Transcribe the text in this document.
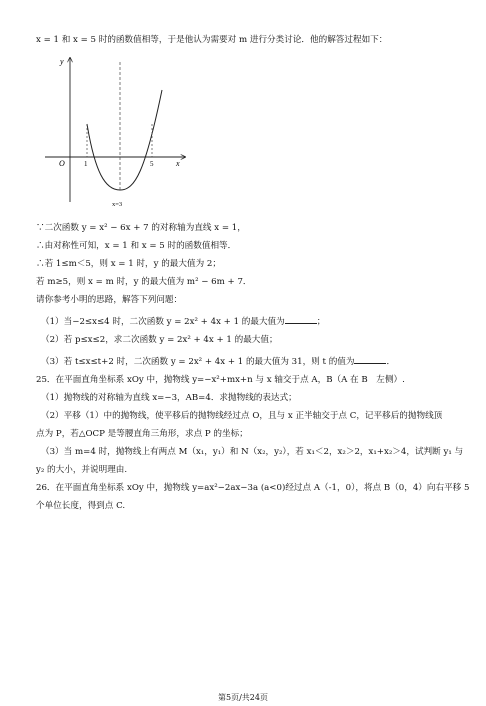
x = 1 和 x = 5 时的函数值相等，于是他认为需要对 m 进行分类讨论．他的解答过程如下：
y
x
O	1	5
x=3
∵二次函数 y = x² − 6x + 7 的对称轴为直线 x = 1，
∴由对称性可知，x = 1 和 x = 5 时的函数值相等．
∴若 1≤m＜5，则 x = 1 时，y 的最大值为 2；
若 m≥5，则 x = m 时，y 的最大值为 m² − 6m + 7．
请你参考小明的思路，解答下列问题：
（1）当−2≤x≤4 时，二次函数 y = 2x² + 4x + 1 的最大值为	；
（2）若 p≤x≤2，求二次函数 y = 2x² + 4x + 1 的最大值；
（3）若 t≤x≤t+2 时，二次函数 y = 2x² + 4x + 1 的最大值为 31，则 t 的值为	．
25．在平面直角坐标系 xOy 中，抛物线 y=−x²+mx+n 与 x 轴交于点 A，B（A 在 B　左侧）.
（1）抛物线的对称轴为直线 x=−3，AB=4．求抛物线的表达式；
（2）平移（1）中的抛物线，使平移后的抛物线经过点 O，且与 x 正半轴交于点 C，记平移后的抛物线顶
点为 P，若△OCP 是等腰直角三角形，求点 P 的坐标；
（3）当 m=4 时，抛物线上有两点 M（x₁，y₁）和 N（x₂，y₂），若 x₁＜2，x₂＞2，x₁+x₂＞4，试判断 y₁ 与
y₂ 的大小，并说明理由.
26．在平面直角坐标系 xOy 中，抛物线 y=ax²−2ax−3a (a<0)经过点 A（-1，0），将点 B（0，4）向右平移 5
个单位长度，得到点 C.
第5页/共24页
